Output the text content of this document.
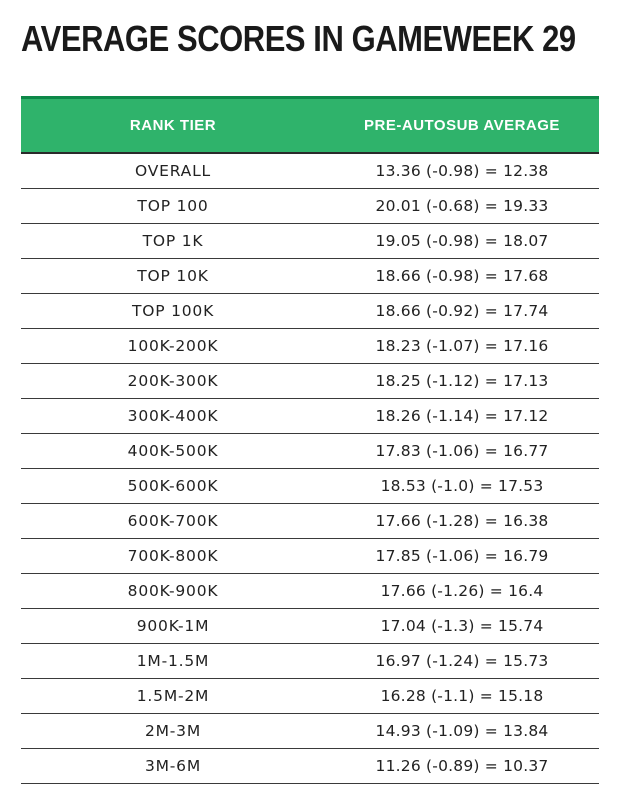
AVERAGE SCORES IN GAMEWEEK 29
RANK TIER	PRE-AUTOSUB AVERAGE
OVERALL	13.36 (-0.98) = 12.38
TOP 100	20.01 (-0.68) = 19.33
TOP 1K	19.05 (-0.98) = 18.07
TOP 10K	18.66 (-0.98) = 17.68
TOP 100K	18.66 (-0.92) = 17.74
100K-200K	18.23 (-1.07) = 17.16
200K-300K	18.25 (-1.12) = 17.13
300K-400K	18.26 (-1.14) = 17.12
400K-500K	17.83 (-1.06) = 16.77
500K-600K	18.53 (-1.0) = 17.53
600K-700K	17.66 (-1.28) = 16.38
700K-800K	17.85 (-1.06) = 16.79
800K-900K	17.66 (-1.26) = 16.4
900K-1M	17.04 (-1.3) = 15.74
1M-1.5M	16.97 (-1.24) = 15.73
1.5M-2M	16.28 (-1.1) = 15.18
2M-3M	14.93 (-1.09) = 13.84
3M-6M	11.26 (-0.89) = 10.37
